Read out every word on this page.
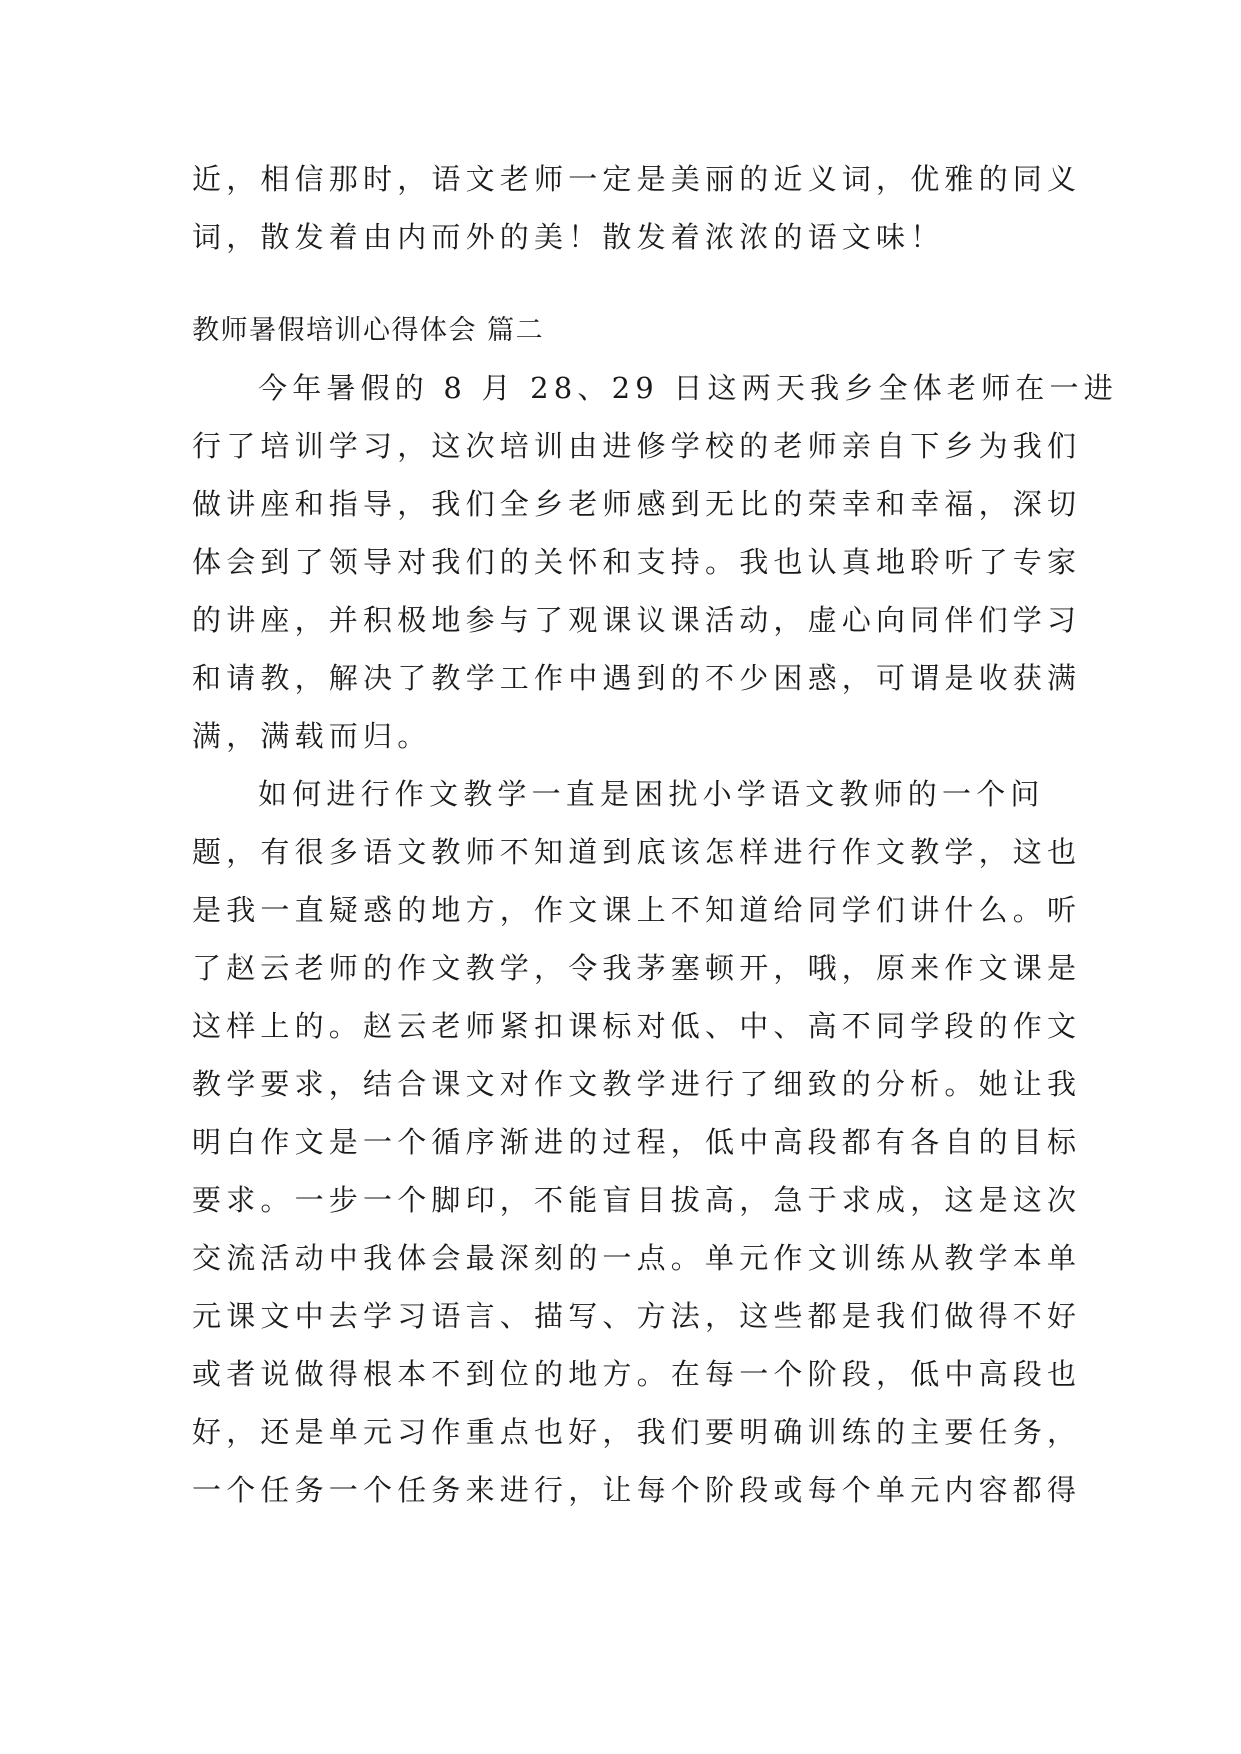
近，相信那时，语文老师一定是美丽的近义词，优雅的同义
词，散发着由内而外的美！散发着浓浓的语文味！
教师暑假培训心得体会 篇二
今年暑假的 8 月 28、29 日这两天我乡全体老师在一进
行了培训学习，这次培训由进修学校的老师亲自下乡为我们
做讲座和指导，我们全乡老师感到无比的荣幸和幸福，深切
体会到了领导对我们的关怀和支持。我也认真地聆听了专家
的讲座，并积极地参与了观课议课活动，虚心向同伴们学习
和请教，解决了教学工作中遇到的不少困惑，可谓是收获满
满，满载而归。
如何进行作文教学一直是困扰小学语文教师的一个问
题，有很多语文教师不知道到底该怎样进行作文教学，这也
是我一直疑惑的地方，作文课上不知道给同学们讲什么。听
了赵云老师的作文教学，令我茅塞顿开，哦，原来作文课是
这样上的。赵云老师紧扣课标对低、中、高不同学段的作文
教学要求，结合课文对作文教学进行了细致的分析。她让我
明白作文是一个循序渐进的过程，低中高段都有各自的目标
要求。一步一个脚印，不能盲目拔高，急于求成，这是这次
交流活动中我体会最深刻的一点。单元作文训练从教学本单
元课文中去学习语言、描写、方法，这些都是我们做得不好
或者说做得根本不到位的地方。在每一个阶段，低中高段也
好，还是单元习作重点也好，我们要明确训练的主要任务，
一个任务一个任务来进行，让每个阶段或每个单元内容都得
